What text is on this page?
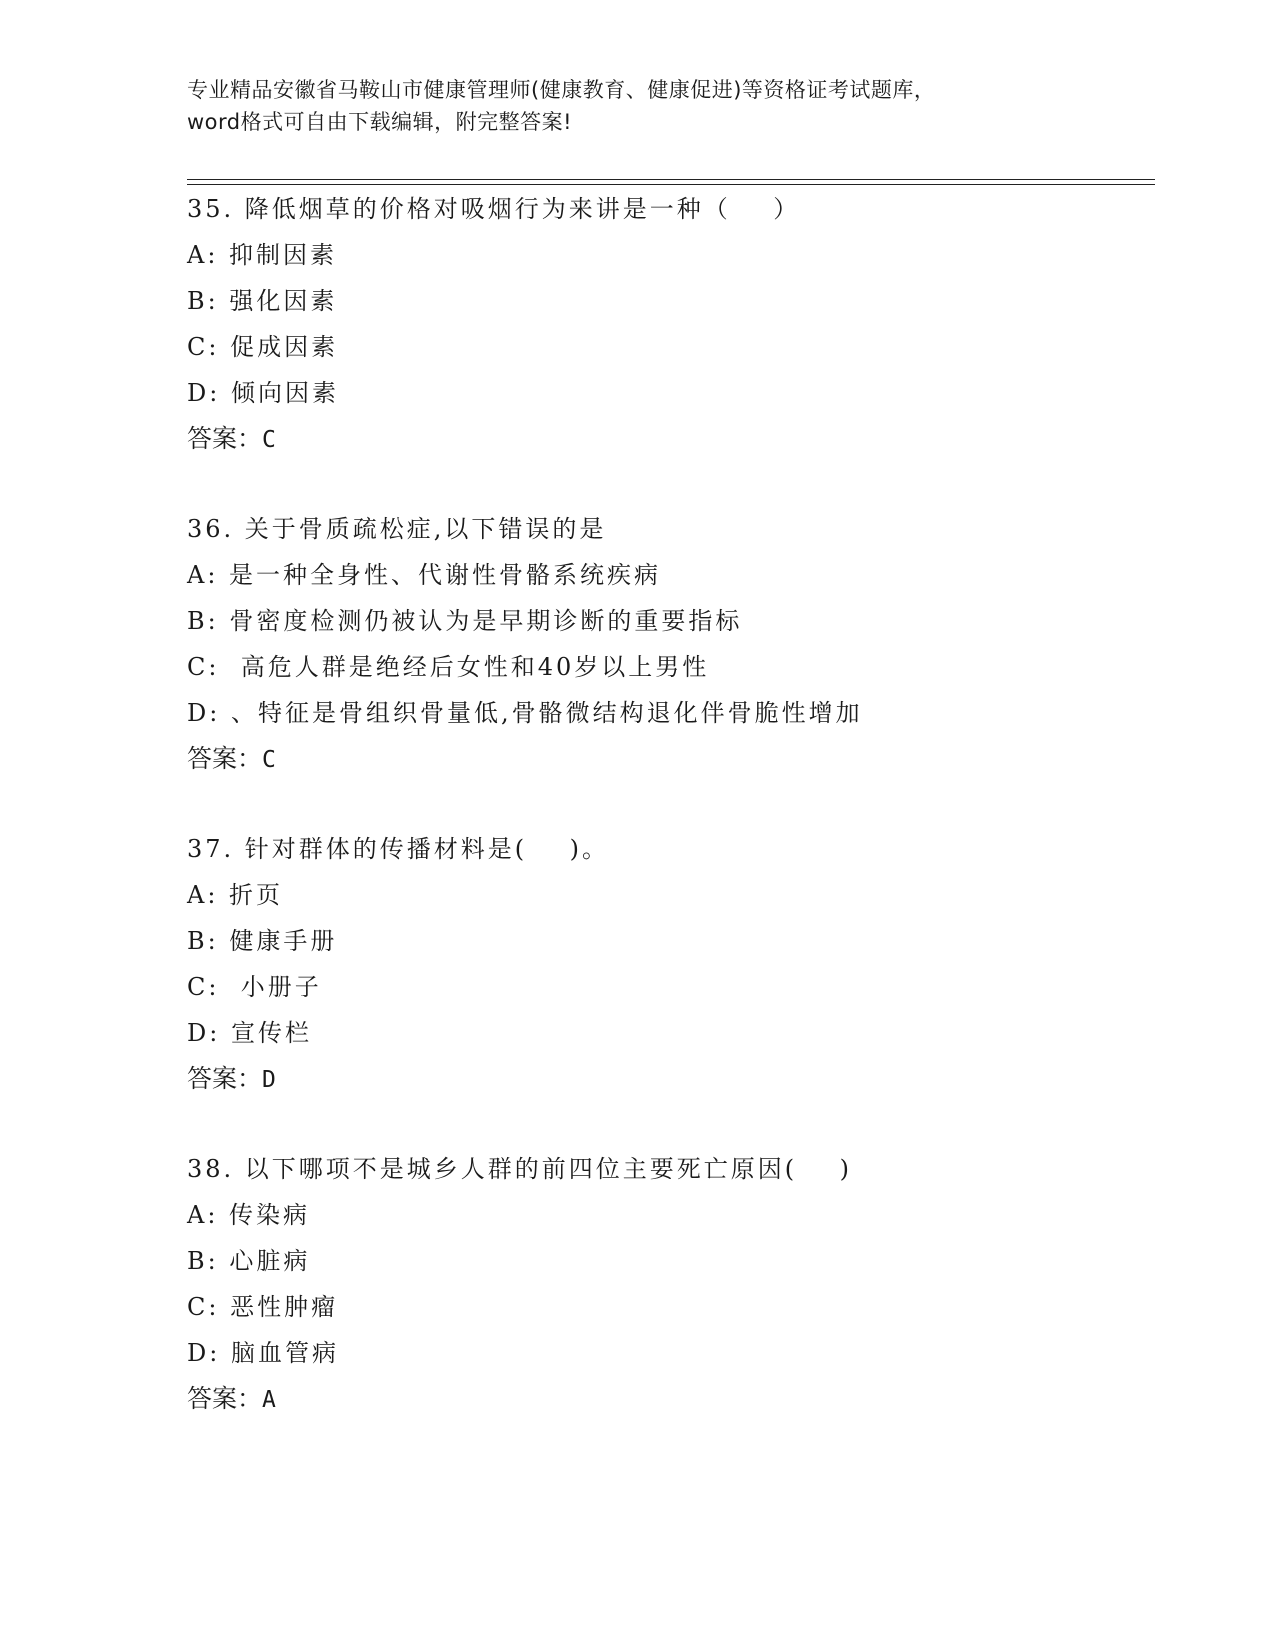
专业精品安徽省马鞍山市健康管理师(健康教育、健康促进)等资格证考试题库，
word格式可自由下载编辑，附完整答案!
35. 降低烟草的价格对吸烟行为来讲是一种（    ）
A: 抑制因素
B: 强化因素
C: 促成因素
D: 倾向因素
答案：C
36. 关于骨质疏松症,以下错误的是
A: 是一种全身性、代谢性骨骼系统疾病
B: 骨密度检测仍被认为是早期诊断的重要指标
C:  高危人群是绝经后女性和40岁以上男性
D: 、特征是骨组织骨量低,骨骼微结构退化伴骨脆性增加
答案：C
37. 针对群体的传播材料是(    )。
A: 折页
B: 健康手册
C:  小册子
D: 宣传栏
答案：D
38. 以下哪项不是城乡人群的前四位主要死亡原因(    )
A: 传染病
B: 心脏病
C: 恶性肿瘤
D: 脑血管病
答案：A
